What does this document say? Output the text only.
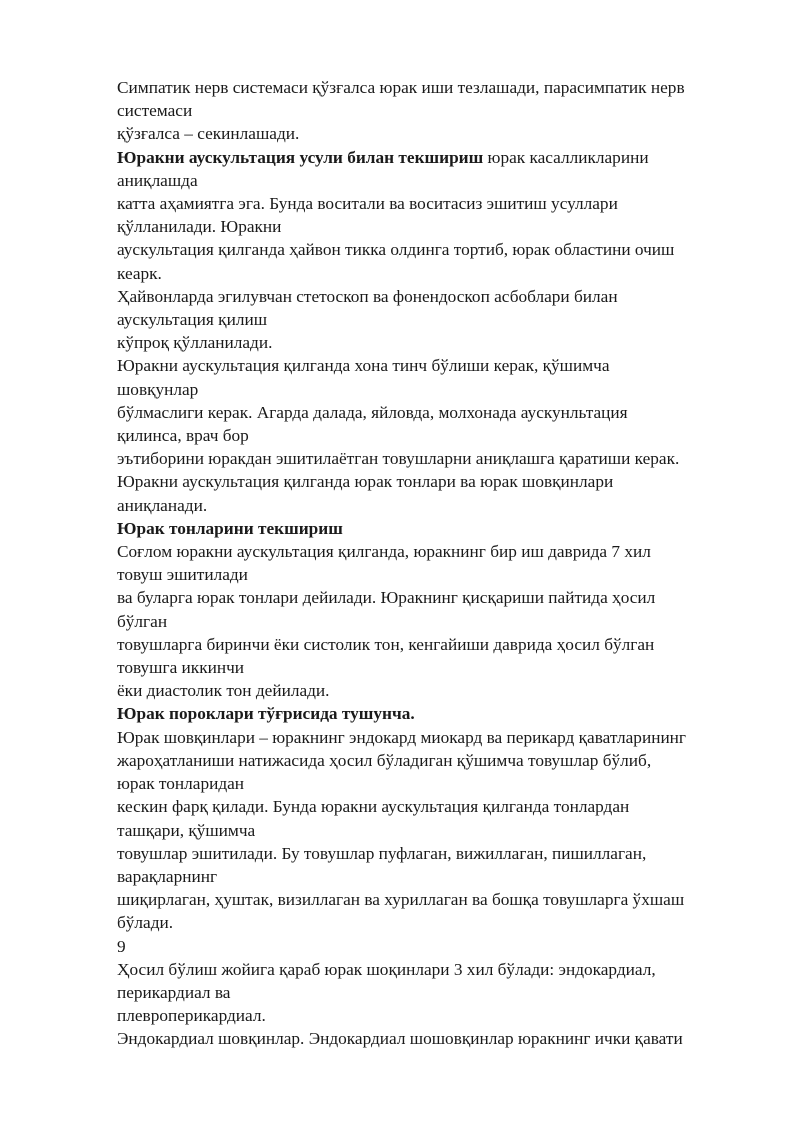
Симпатик нерв системаси қўзғалса юрак иши тезлашади, парасимпатик нерв
системаси
қўзғалса – секинлашади.
Юракни аускультация усули билан текшириш юрак касалликларини
аниқлашда
катта аҳамиятга эга. Бунда воситали ва воситасиз эшитиш усуллари
қўлланилади. Юракни
аускультация қилганда ҳайвон тикка олдинга тортиб, юрак областини очиш
кеарк.
Ҳайвонларда эгилувчан стетоскоп ва фонендоскоп асбоблари билан
аускультация қилиш
кўпроқ қўлланилади.
Юракни аускультация қилганда хона тинч бўлиши керак, қўшимча
шовқунлар
бўлмаслиги керак. Агарда далада, яйловда, молхонада аускунльтация
қилинса, врач бор
эътиборини юракдан эшитилаётган товушларни аниқлашга қаратиши керак.
Юракни аускультация қилганда юрак тонлари ва юрак шовқинлари
аниқланади.
Юрак тонларини текшириш
Соғлом юракни аускультация қилганда, юракнинг бир иш даврида 7 хил
товуш эшитилади
ва буларга юрак тонлари дейилади. Юракнинг қисқариши пайтида ҳосил
бўлган
товушларга биринчи ёки систолик тон, кенгайиши даврида ҳосил бўлган
товушга иккинчи
ёки диастолик тон дейилади.
Юрак пороклари тўғрисида тушунча.
Юрак шовқинлари – юракнинг эндокард миокард ва перикард қаватларининг
жароҳатланиши натижасида ҳосил бўладиган қўшимча товушлар бўлиб,
юрак тонларидан
кескин фарқ қилади. Бунда юракни аускультация қилганда тонлардан
ташқари, қўшимча
товушлар эшитилади. Бу товушлар пуфлаган, вижиллаган, пишиллаган,
варақларнинг
шиқирлаган, ҳуштак, визиллаган ва хуриллаган ва бошқа товушларга ўхшаш
бўлади.
9
Ҳосил бўлиш жойига қараб юрак шоқинлари 3 хил бўлади: эндокардиал,
перикардиал ва
плевроперикардиал.
Эндокардиал шовқинлар. Эндокардиал шошовқинлар юракнинг ички қавати
